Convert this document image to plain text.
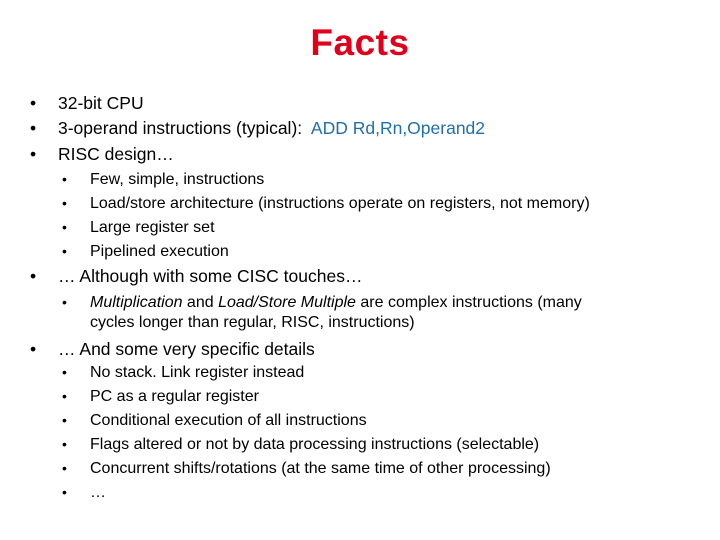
Facts
• 32-bit CPU
• 3-operand instructions (typical): ADD Rd,Rn,Operand2
• RISC design…
• Few, simple, instructions
• Load/store architecture (instructions operate on registers, not memory)
• Large register set
• Pipelined execution
• … Although with some CISC touches…
• Multiplication and Load/Store Multiple are complex instructions (many
cycles longer than regular, RISC, instructions)
• … And some very specific details
• No stack. Link register instead
• PC as a regular register
• Conditional execution of all instructions
• Flags altered or not by data processing instructions (selectable)
• Concurrent shifts/rotations (at the same time of other processing)
• …
